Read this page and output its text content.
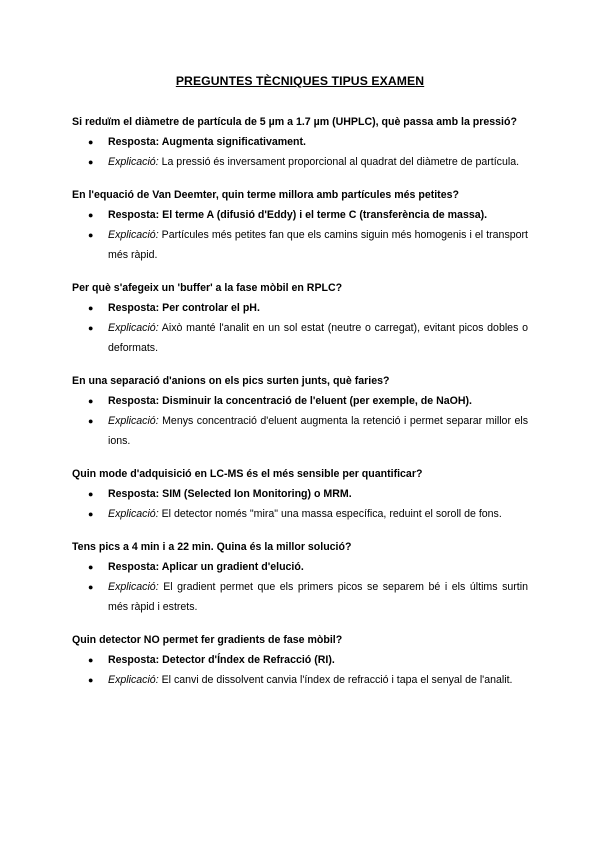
PREGUNTES TÈCNIQUES TIPUS EXAMEN

Si reduïm el diàmetre de partícula de 5 µm a 1.7 µm (UHPLC), què passa amb la pressió?

● Resposta: Augmenta significativament.
● Explicació: La pressió és inversament proporcional al quadrat del diàmetre de partícula.

En l'equació de Van Deemter, quin terme millora amb partícules més petites?

● Resposta: El terme A (difusió d'Eddy) i el terme C (transferència de massa).
● Explicació: Partícules més petites fan que els camins siguin més homogenis i el transport més ràpid.

Per què s'afegeix un 'buffer' a la fase mòbil en RPLC?

● Resposta: Per controlar el pH.
● Explicació: Això manté l'analit en un sol estat (neutre o carregat), evitant picos dobles o deformats.

En una separació d'anions on els pics surten junts, què faries?

● Resposta: Disminuir la concentració de l'eluent (per exemple, de NaOH).
● Explicació: Menys concentració d'eluent augmenta la retenció i permet separar millor els ions.

Quin mode d'adquisició en LC-MS és el més sensible per quantificar?

● Resposta: SIM (Selected Ion Monitoring) o MRM.
● Explicació: El detector només "mira" una massa específica, reduint el soroll de fons.

Tens pics a 4 min i a 22 min. Quina és la millor solució?

● Resposta: Aplicar un gradient d'elució.
● Explicació: El gradient permet que els primers picos se separem bé i els últims surtin més ràpid i estrets.

Quin detector NO permet fer gradients de fase mòbil?

● Resposta: Detector d'Índex de Refracció (RI).
● Explicació: El canvi de dissolvent canvia l'índex de refracció i tapa el senyal de l'analit.
